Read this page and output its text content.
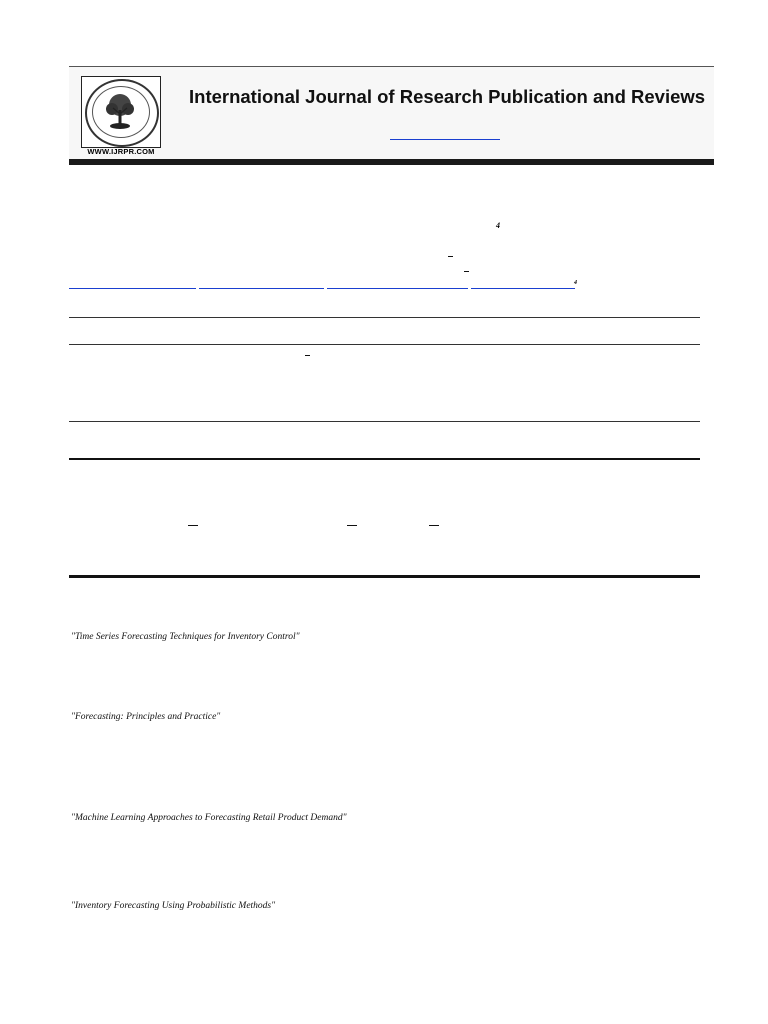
WWW.IJRPR.COM
International Journal of Research Publication and Reviews
4
4
"Time Series Forecasting Techniques for Inventory Control"
"Forecasting: Principles and Practice"
"Machine Learning Approaches to Forecasting Retail Product Demand"
"Inventory Forecasting Using Probabilistic Methods"
